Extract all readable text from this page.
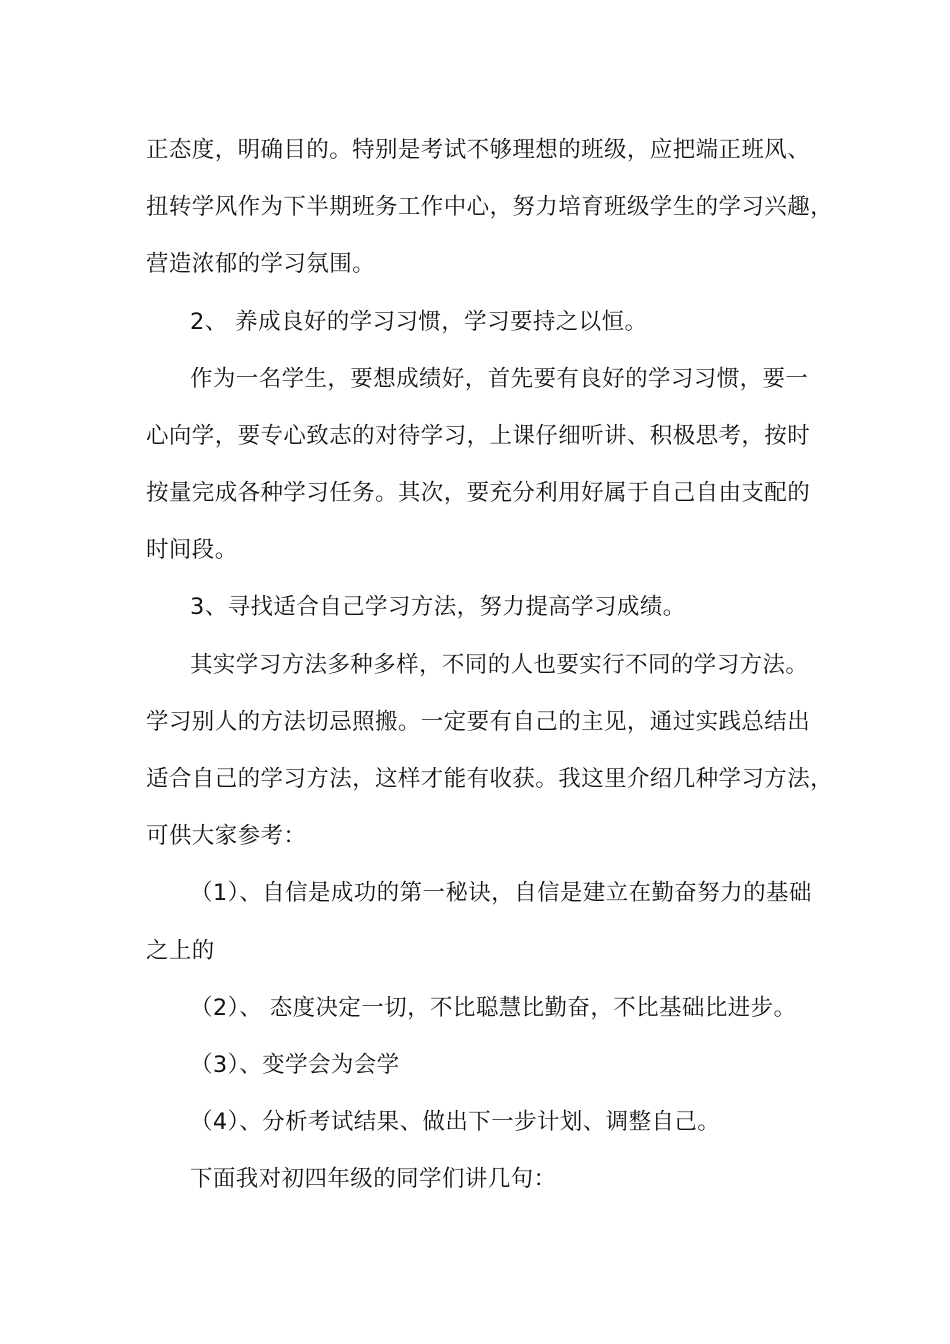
正态度，明确目的。特别是考试不够理想的班级，应把端正班风、
扭转学风作为下半期班务工作中心，努力培育班级学生的学习兴趣，
营造浓郁的学习氛围。
2、 养成良好的学习习惯，学习要持之以恒。
作为一名学生，要想成绩好，首先要有良好的学习习惯，要一
心向学，要专心致志的对待学习，上课仔细听讲、积极思考，按时
按量完成各种学习任务。其次，要充分利用好属于自己自由支配的
时间段。
3、寻找适合自己学习方法，努力提高学习成绩。
其实学习方法多种多样，不同的人也要实行不同的学习方法。
学习别人的方法切忌照搬。一定要有自己的主见，通过实践总结出
适合自己的学习方法，这样才能有收获。我这里介绍几种学习方法，
可供大家参考：
（1）、自信是成功的第一秘诀，自信是建立在勤奋努力的基础
之上的
（2）、 态度决定一切，不比聪慧比勤奋，不比基础比进步。
（3）、变学会为会学
（4）、分析考试结果、做出下一步计划、调整自己。
下面我对初四年级的同学们讲几句：
